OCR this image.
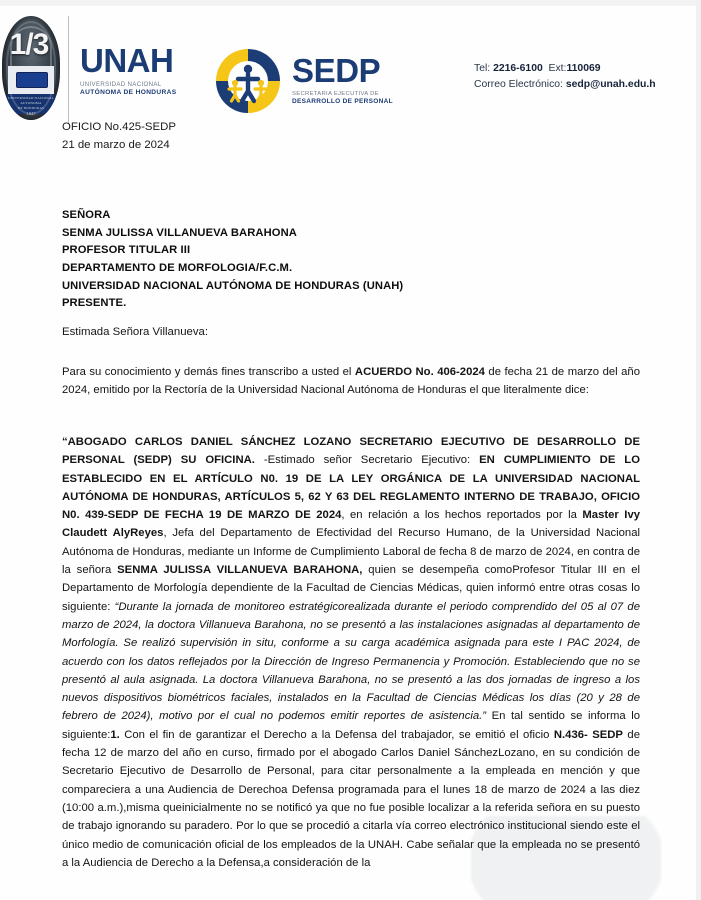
UNIVERSIDAD NACIONAL
AUTONOMA
DE HONDURAS
1847
1/3 UNAH
UNIVERSIDAD NACIONAL
AUTÓNOMA DE HONDURAS
SEDP
SECRETARIA EJECUTIVA DE
DESARROLLO DE PERSONAL
Tel: 2216-6100 Ext:110069
Correo Electrónico: sedp@unah.edu.h
OFICIO No.425-SEDP
21 de marzo de 2024
SEÑORA
SENMA JULISSA VILLANUEVA BARAHONA
PROFESOR TITULAR III
DEPARTAMENTO DE MORFOLOGIA/F.C.M.
UNIVERSIDAD NACIONAL AUTÓNOMA DE HONDURAS (UNAH)
PRESENTE.
Estimada Señora Villanueva:
Para su conocimiento y demás fines transcribo a usted el ACUERDO No. 406-2024 de fecha 21 de marzo del año 2024, emitido por la Rectoría de la Universidad Nacional Autónoma de Honduras el que literalmente dice:
“ABOGADO CARLOS DANIEL SÁNCHEZ LOZANO SECRETARIO EJECUTIVO DE DESARROLLO DE PERSONAL (SEDP) SU OFICINA. -Estimado señor Secretario Ejecutivo: EN CUMPLIMIENTO DE LO ESTABLECIDO EN EL ARTÍCULO N0. 19 DE LA LEY ORGÁNICA DE LA UNIVERSIDAD NACIONAL AUTÓNOMA DE HONDURAS, ARTÍCULOS 5, 62 Y 63 DEL REGLAMENTO INTERNO DE TRABAJO, OFICIO N0. 439-SEDP DE FECHA 19 DE MARZO DE 2024, en relación a los hechos reportados por la Master Ivy Claudett AlyReyes, Jefa del Departamento de Efectividad del Recurso Humano, de la Universidad Nacional Autónoma de Honduras, mediante un Informe de Cumplimiento Laboral de fecha 8 de marzo de 2024, en contra de la señora SENMA JULISSA VILLANUEVA BARAHONA, quien se desempeña comoProfesor Titular III en el Departamento de Morfología dependiente de la Facultad de Ciencias Médicas, quien informó entre otras cosas lo siguiente: “Durante la jornada de monitoreo estratégicorealizada durante el periodo comprendido del 05 al 07 de marzo de 2024, la doctora Villanueva Barahona, no se presentó a las instalaciones asignadas al departamento de Morfología. Se realizó supervisión in situ, conforme a su carga académica asignada para este I PAC 2024, de acuerdo con los datos reflejados por la Dirección de Ingreso Permanencia y Promoción. Estableciendo que no se presentó al aula asignada. La doctora Villanueva Barahona, no se presentó a las dos jornadas de ingreso a los nuevos dispositivos biométricos faciales, instalados en la Facultad de Ciencias Médicas los días (20 y 28 de febrero de 2024), motivo por el cual no podemos emitir reportes de asistencia.” En tal sentido se informa lo siguiente:1. Con el fin de garantizar el Derecho a la Defensa del trabajador, se emitió el oficio N.436- SEDP de fecha 12 de marzo del año en curso, firmado por el abogado Carlos Daniel SánchezLozano, en su condición de Secretario Ejecutivo de Desarrollo de Personal, para citar personalmente a la empleada en mención y que compareciera a una Audiencia de Derechoa Defensa programada para el lunes 18 de marzo de 2024 a las diez (10:00 a.m.),misma queinicialmente no se notificó ya que no fue posible localizar a la referida señora en su puesto de trabajo ignorando su paradero. Por lo que se procedió a citarla vía correo electrónico institucional siendo este el único medio de comunicación oficial de los empleados de la UNAH. Cabe señalar que la empleada no se presentó a la Audiencia de Derecho a la Defensa,a consideración de la
